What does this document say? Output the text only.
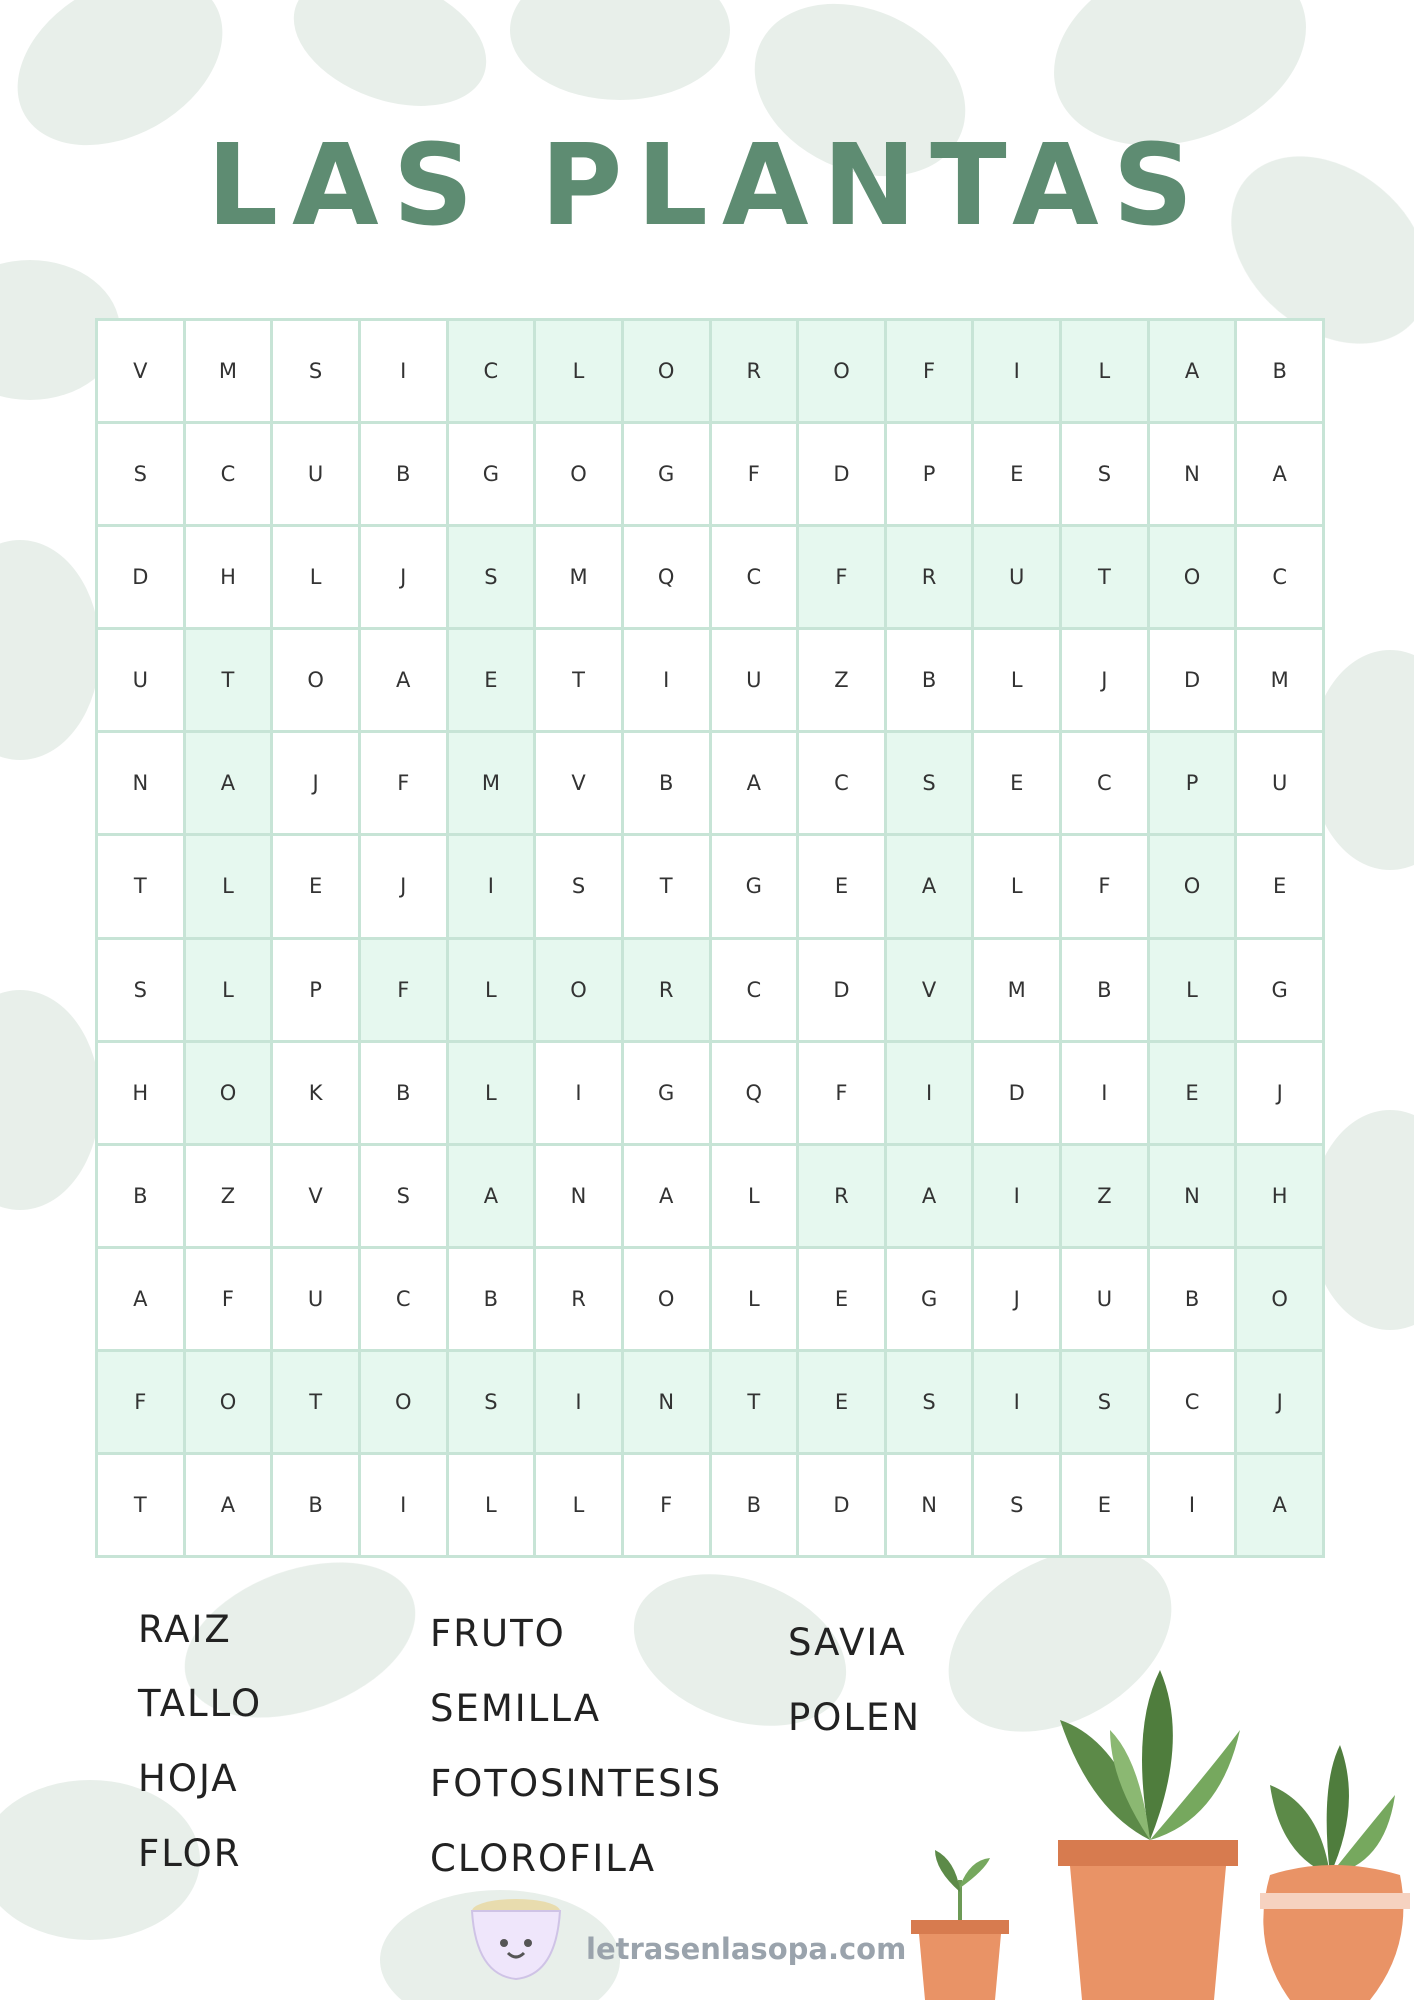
LAS PLANTAS
V	M	S	I	C	L	O	R	O	F	I	L	A	B
S	C	U	B	G	O	G	F	D	P	E	S	N	A
D	H	L	J	S	M	Q	C	F	R	U	T	O	C
U	T	O	A	E	T	I	U	Z	B	L	J	D	M
N	A	J	F	M	V	B	A	C	S	E	C	P	U
T	L	E	J	I	S	T	G	E	A	L	F	O	E
S	L	P	F	L	O	R	C	D	V	M	B	L	G
H	O	K	B	L	I	G	Q	F	I	D	I	E	J
B	Z	V	S	A	N	A	L	R	A	I	Z	N	H
A	F	U	C	B	R	O	L	E	G	J	U	B	O
F	O	T	O	S	I	N	T	E	S	I	S	C	J
T	A	B	I	L	L	F	B	D	N	S	E	I	A
RAIZ
TALLO
HOJA
FLOR
FRUTO
SEMILLA
FOTOSINTESIS
CLOROFILA
SAVIA
POLEN
letrasenlasopa.com
